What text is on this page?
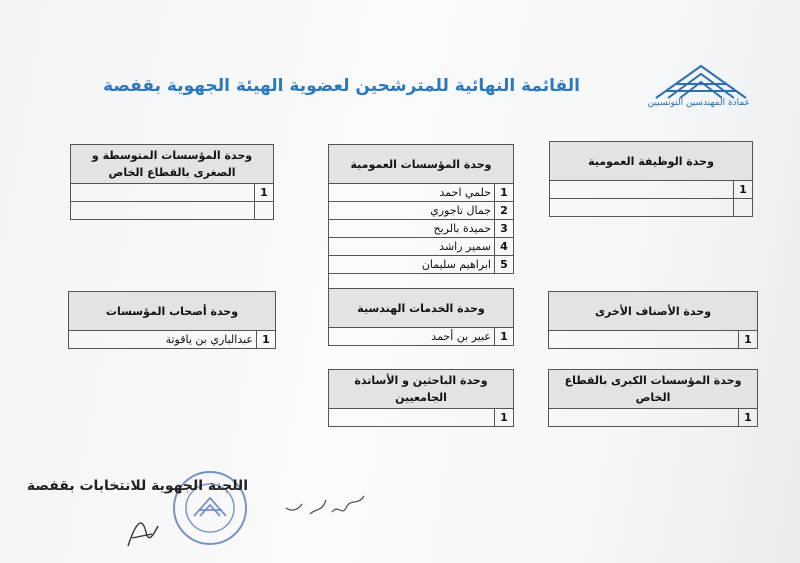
عمادة المهندسين التونسيين
القائمة النهائية للمترشحين لعضوية الهيئة الجهوية بقفصة
وحدة المؤسسات المتوسطة و الصغرى بالقطاع الخاص	
1	

وحدة المؤسسات العمومية	
1	حلمي احمد
2	جمال تاجوري
3	حميدة بالربح
4	سمير راشد
5	ابراهيم سليمان

وحدة الوظيفة العمومية	
1	

وحدة أصحاب المؤسسات
1	عبدالباري بن ياقوتة
وحدة الخدمات الهندسية
1	عبير بن أحمد
وحدة الأصناف الأخرى
1	
وحدة الباحثين و الأساتذة الجامعيين
1	
وحدة المؤسسات الكبرى بالقطاع الخاص
1	
اللجنة الجهوية للانتخابات بقفصة
